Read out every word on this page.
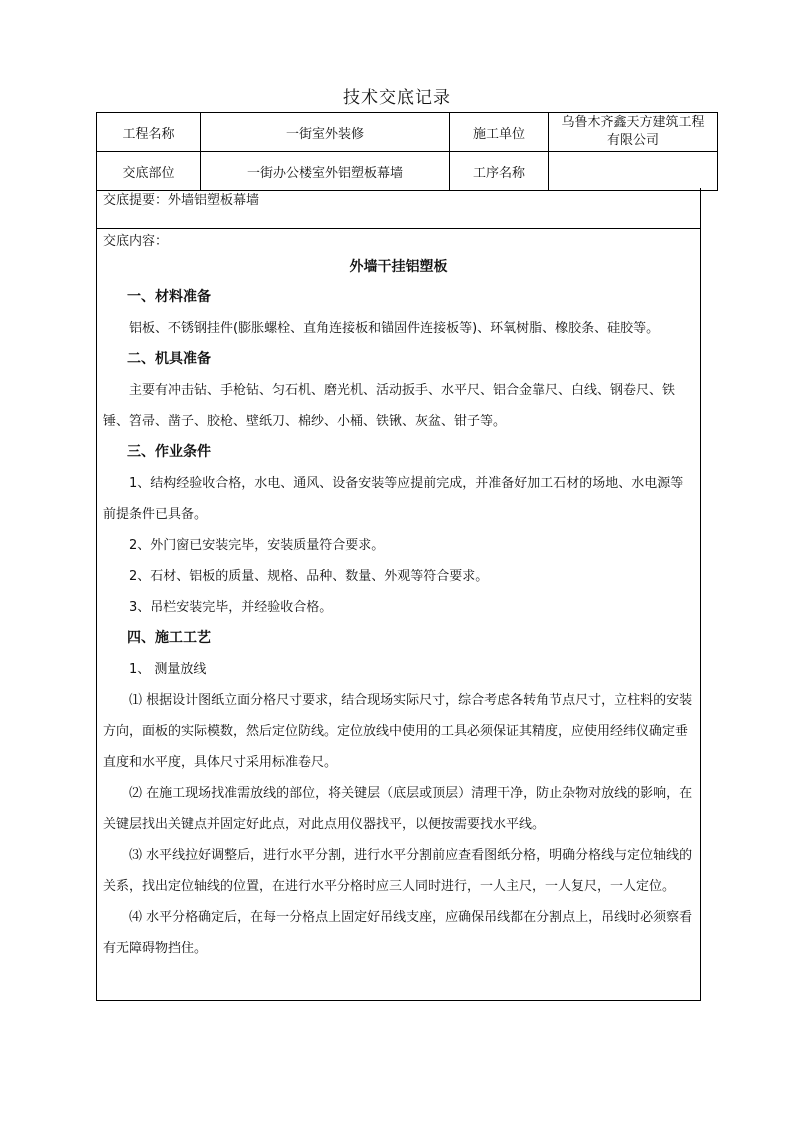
技术交底记录
工程名称	一街室外装修	施工单位	乌鲁木齐鑫天方建筑工程
有限公司

交底部位	一街办公楼室外铝塑板幕墙	工序名称	
交底提要：外墙铝塑板幕墙
交底内容：
外墙干挂铝塑板
一、材料准备
铝板、不锈钢挂件(膨胀螺栓、直角连接板和锚固件连接板等)、环氧树脂、橡胶条、硅胶等。
二、机具准备
主要有冲击钻、手枪钻、匀石机、磨光机、活动扳手、水平尺、铝合金靠尺、白线、钢卷尺、铁锤、笤帚、凿子、胶枪、壁纸刀、棉纱、小桶、铁锹、灰盆、钳子等。
三、作业条件
1、结构经验收合格，水电、通风、设备安装等应提前完成，并准备好加工石材的场地、水电源等前提条件已具备。
2、外门窗已安装完毕，安装质量符合要求。
2、石材、铝板的质量、规格、品种、数量、外观等符合要求。
3、吊栏安装完毕，并经验收合格。
四、施工工艺
1、 测量放线
⑴ 根据设计图纸立面分格尺寸要求，结合现场实际尺寸，综合考虑各转角节点尺寸，立柱料的安装方向，面板的实际模数，然后定位防线。定位放线中使用的工具必须保证其精度，应使用经纬仪确定垂直度和水平度，具体尺寸采用标准卷尺。
⑵ 在施工现场找准需放线的部位，将关键层（底层或顶层）清理干净，防止杂物对放线的影响，在关键层找出关键点并固定好此点，对此点用仪器找平，以便按需要找水平线。
⑶ 水平线拉好调整后，进行水平分割，进行水平分割前应查看图纸分格，明确分格线与定位轴线的关系，找出定位轴线的位置，在进行水平分格时应三人同时进行，一人主尺，一人复尺，一人定位。
⑷ 水平分格确定后，在每一分格点上固定好吊线支座，应确保吊线都在分割点上，吊线时必须察看有无障碍物挡住。
